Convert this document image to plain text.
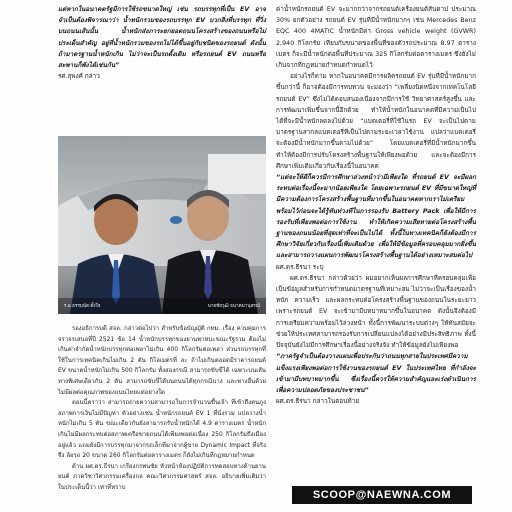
แต่หากในอนาคตรัฐมีการใช้รถขนาดใหญ่ เช่น รถบรรทุกที่เป็น EV อาจจำเป็นต้องพิจารณาว่า น้ำหนักรวมของรถบรรทุก EV บวกสิ่งที่บรรทุก ที่วิ่งบนถนนเส้นนั้น น้ำหนักส่งภาระยกยอดถนนโครงสร้างของถนนหรือไม่ ประเด็นสำคัญ อยู่ที่น้ำหนักรวมของรถไม่ได้ขึ้นอยู่กับชนิดของรถยนต์ ดังนั้น ถ้ามาตรฐานน้ำหนักเกิน ไม่ว่าจะเป็นรถดั้งเดิม หรือรถยนต์ EV ถนนหรือสะพานก็พังได้เช่นกัน”

รศ.สุพงศ์ กล่าว

รองอธิการบดี สจล. กล่าวต่อไปว่า สำหรับข้อบัญญัติ กทม. เรื่อง ควบคุมการจราจรเสนอที่ปี 2521 ข้อ 14 น้ำหนักบรรทุกของยานพาหนะขณะรัฐรวม ต้องไม่เกินค่าจำกัดน้ำหนักบรรทุกต่อเพลาไม่เกิน 400 กิโลกรัมต่อเพลา ส่วนรถบรรทุกที่ใช้ในการเทคนิคเกินไม่เกิน 2 ตัน กิโลเมตรที่ ละ ถ้าไม่เกินตลอดมีราคารถยนต์ EV ขนาดน้ำหนักไม่เกิน 500 กิโลกรัม ทั้งสองกรณี สามารถขับขี่ได้ เฉพาะบนเส้นทางพิเศษเดียวกัน 2 ตัน สามารถขับขี่ได้บนถนนได้ทุกกรณีบาง และทางอื่นด้วย ไม่มีผลต่อคุณภาพของถนนไทยแต่อย่างใด

ตอนนี้คราว่า สามารถถ่ายความสามารถในการจำนวนขึ้นเจ้า ที่เข้าถึงคนภูงสภาพการเงินไม่มีปัญหา ตัวอย่างเช่น น้ำหนักรถยนต์ EV 1 ที่นั่งรวม แปลวางน้ำหนักไม่เกิน 5 ตัน ขณะเดียวกันยังสามารถรับน้ำหนักได้ 4.9 ตารางเมตร น้ำหนักเกินไม่มีผลกระทบต่อสภาพเครือข่ายถนนได้เพียงพอต่อเนื่อง 250 กิโลกรัมถึงเมืองอยู่แล้ว แถมยังมีการบรรทุกมาจากรถเล็กที่มาจากผู้ขาย Dynamic Impact ที่จริงจึง ล้อรถ 20 ขนาด 260 กิโลกรัมต่อตารางเมตร ก็ยังไม่เกินที่กฎหมายกำหนด

ด้าน ผศ.ดร.ธีรนา เกรียงกรพนชัย หัวหน้าห้องปฏิบัติการทดสอบทางด้านยานยนต์ ภาควิชาวิศวกรรมเครื่องกล คณะวิศวกรรมศาสตร์ สจล. อธิบายเพิ่มเติมว่า ในประเด็นนี้ว่า เท่าที่ทราบ

ร.อ.ธรรมนัส ตั้งใจ	นายชัยวุฒิ ธนาคมานุสรณ์

ค่าน้ำหนักรถยนต์ EV จะมากกว่าจากรถยนต์เครื่องยนต์สันดาป ประมาณ 30% ยกตัวอย่าง รถยนต์ EV รุ่นที่มีน้ำหนักมากๆ เช่น Mercedes Benz EQC 400 4MATIC น้ำหนักมีค่า Gross vehicle weight (GVWR) 2,940 กิโลกรัม เทียบกับขนาดของพื้นที่ของตัวรถประมาณ 8.97 ตารางเมตร ก็จะมีน้ำหนักต่อพื้นที่ประมาณ 325 กิโลกรัมต่อตารางเมตร ซึ่งยังไม่เกินจากที่กฎหมายกำหนดกำหนดไว้

อย่างไรก็ตาม หากในอนาคตมีการผลิตรถยนต์ EV รุ่นที่มีน้ำหนักมากขึ้นกว่านี้ ก็อาจต้องมีการทบทวน จะมองว่า “เพลี่ยงนิดหนึ่งจากเทคโนโลยีรถยนต์ EV” ซึ่งไม่ได้ตอบสนองเนื่องจากมีการใช้ วิทยาศาสตร์สูงขึ้น และการพัฒนาเพิ่มขึ้นจากนี้อีกด้วย ทำให้น้ำหนักในอนาคตที่มีความเป็นไปได้ที่จะมีน้ำหนักลดลงไปด้วย “แบตเตอรี่ที่ใช้ในรถ EV จะเป็นไปตามมาตรฐานสากลแบตเตอรี่ที่เป็นไปตามระยะเวลาใช้งาน แปลว่าแบตเตอรี่จะต้องมีน้ำหนักมากขึ้นตามไปด้วย” โดยแบตเตอรี่ที่มีน้ำหนักมากขึ้นทำให้ต้องมีการปรับโครงสร้างพื้นฐานให้เพียงพอด้วย และจะต้องมีการศึกษาเพิ่มเติมเกี่ยวกับเรื่องนี้ในอนาคต

“แต่จะให้ดีก็ควรมีการศึกษาล่วงหน้าว่ามีเพียงใด ที่รถยนต์ EV จะมีผลกระทบต่อเรื่องนี้จะมากน้อยเพียงใด โดยเฉพาะรถยนต์ EV ที่มีขนาดใหญ่ที่มีความต้องการโครงสร้างพื้นฐานที่มากขึ้นในอนาคตหากเราไม่เตรียมพร้อมไว้ก่อนจะได้รู้ทันท่วงทีในการรองรับ Battery Pack เพื่อให้มีการรองรับที่เพียงพอต่อการใช้งาน ทำให้เกิดความเสียหายต่อโครงสร้างพื้นฐานของถนนน้อยที่สุดเท่าที่จะเป็นไปได้ ทั้งนี้ในทางเทคนิคก็ยังต้องมีการศึกษาวิจัยเกี่ยวกับเรื่องนี้เพิ่มเติมด้วย เพื่อให้มีข้อมูลที่ครอบคลุมมากยิ่งขึ้นและสามารถวางแผนการพัฒนาโครงสร้างพื้นฐานได้อย่างเหมาะสมต่อไป

ผศ.ดร.ธีรนา ระบุ

ผศ.ดร.ธีรนา กล่าวด้วยว่า ผมอยากเห็นผลการศึกษาที่ครอบคลุมเพื่อเป็นข้อมูลสำหรับการกำหนดมาตรฐานที่เหมาะสม ไม่ว่าจะเป็นเรื่องของน้ำหนัก ความเร็ว และผลกระทบต่อโครงสร้างพื้นฐานของถนนในระยะยาว เพราะรถยนต์ EV จะเข้ามามีบทบาทมากขึ้นในอนาคต ดังนั้นจึงต้องมีการเตรียมความพร้อมไว้ล่วงหน้า ทั้งนี้การพัฒนาระบบต่างๆ ให้ทันสมัยจะช่วยให้ประเทศสามารถรองรับการเปลี่ยนแปลงได้อย่างมีประสิทธิภาพ ทั้งนี้ปัจจุบันยังไม่มีการศึกษาเรื่องนี้อย่างจริงจัง ทำให้ข้อมูลยังไม่เพียงพอ

“ภาครัฐจำเป็นต้องวางแผนเพื่อประกันว่าถนนทุกสายในประเทศมีความแข็งแรงเพียงพอต่อการใช้งานของรถยนต์ EV ในประเทศไทย ที่กำลังจะเข้ามามีบทบาทมากขึ้น ซึ่งเรื่องนี้ควรให้ความสำคัญและเร่งดำเนินการเพื่อความปลอดภัยของประชาชน”

ผศ.ดร.ธีรนา กล่าวในตอนท้าย

SCOOP@NAEWNA.COM
